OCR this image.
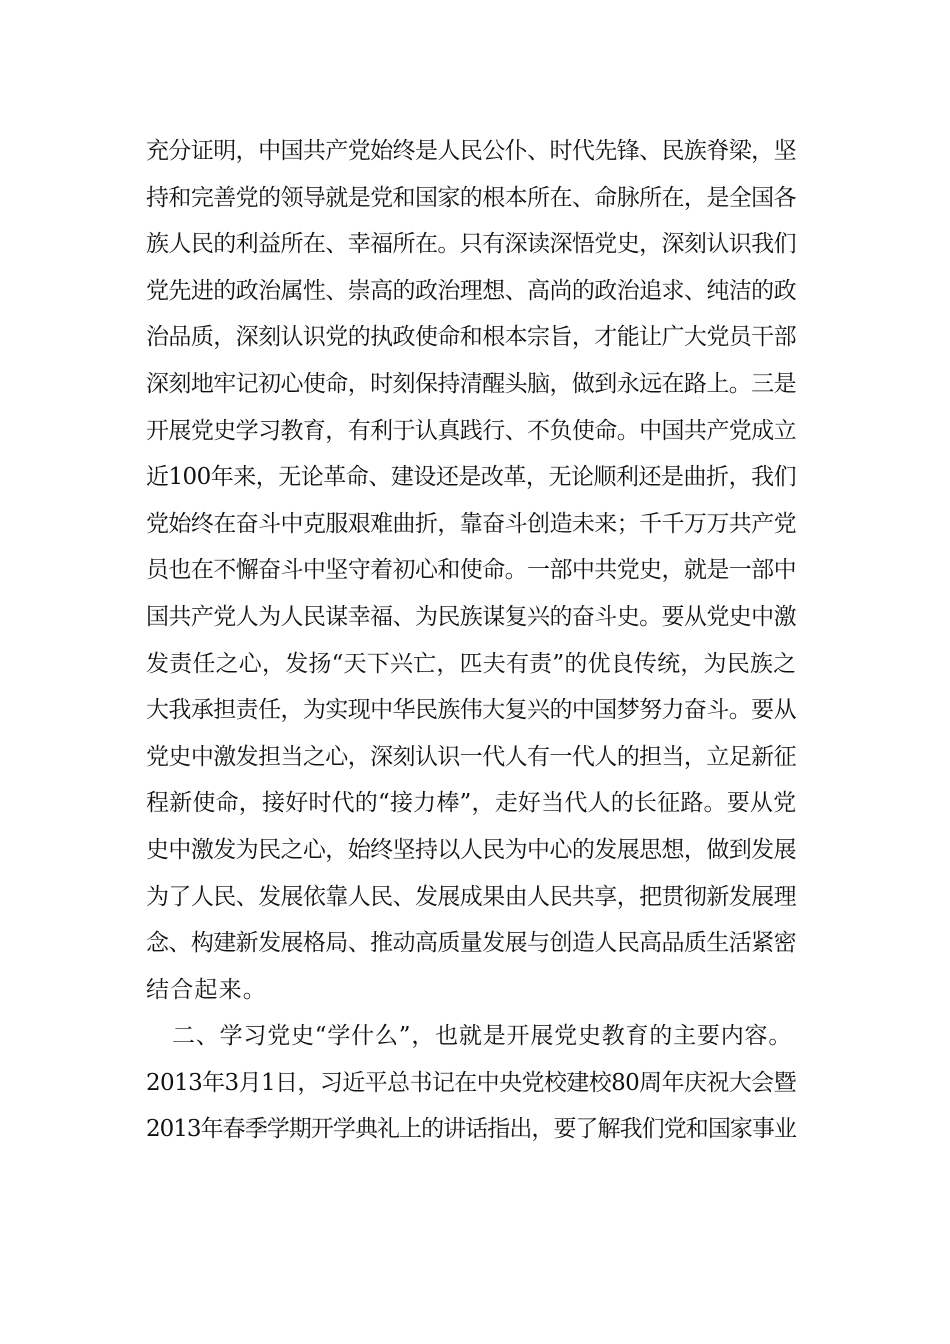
充分证明，中国共产党始终是人民公仆、时代先锋、民族脊梁，坚
持和完善党的领导就是党和国家的根本所在、命脉所在，是全国各
族人民的利益所在、幸福所在。只有深读深悟党史，深刻认识我们
党先进的政治属性、崇高的政治理想、高尚的政治追求、纯洁的政
治品质，深刻认识党的执政使命和根本宗旨，才能让广大党员干部
深刻地牢记初心使命，时刻保持清醒头脑，做到永远在路上。三是
开展党史学习教育，有利于认真践行、不负使命。中国共产党成立
近100年来，无论革命、建设还是改革，无论顺利还是曲折，我们
党始终在奋斗中克服艰难曲折，靠奋斗创造未来；千千万万共产党
员也在不懈奋斗中坚守着初心和使命。一部中共党史，就是一部中
国共产党人为人民谋幸福、为民族谋复兴的奋斗史。要从党史中激
发责任之心，发扬“天下兴亡，匹夫有责”的优良传统，为民族之
大我承担责任，为实现中华民族伟大复兴的中国梦努力奋斗。要从
党史中激发担当之心，深刻认识一代人有一代人的担当，立足新征
程新使命，接好时代的“接力棒”，走好当代人的长征路。要从党
史中激发为民之心，始终坚持以人民为中心的发展思想，做到发展
为了人民、发展依靠人民、发展成果由人民共享，把贯彻新发展理
念、构建新发展格局、推动高质量发展与创造人民高品质生活紧密
结合起来。
二、学习党史“学什么”，也就是开展党史教育的主要内容。
2013年3月1日，习近平总书记在中央党校建校80周年庆祝大会暨
2013年春季学期开学典礼上的讲话指出，要了解我们党和国家事业
